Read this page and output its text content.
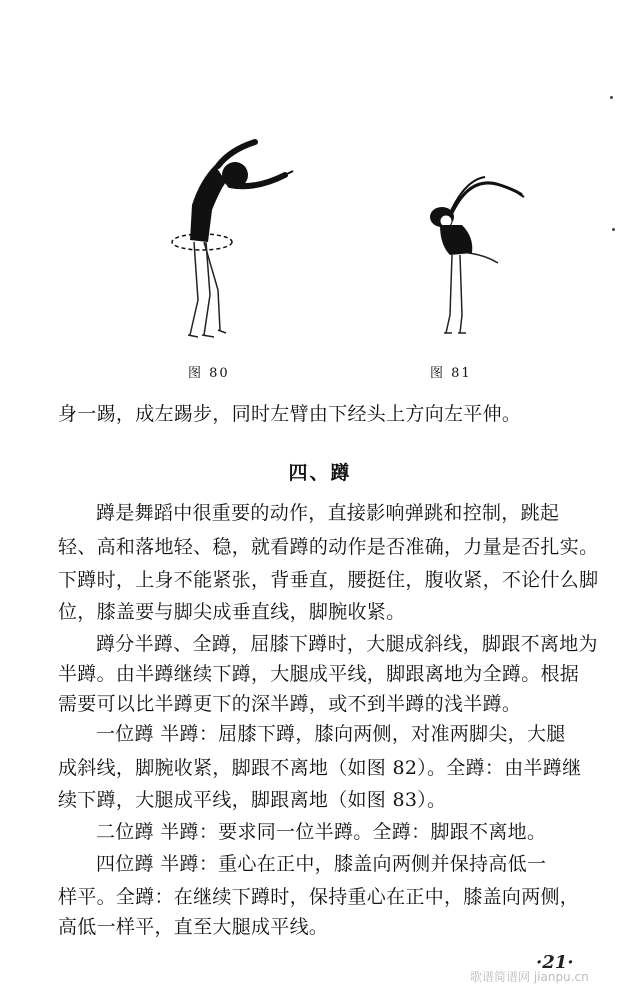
图 80	图 81
身一踢，成左踢步，同时左臂由下经头上方向左平伸。
四、蹲
蹲是舞蹈中很重要的动作，直接影响弹跳和控制，跳起
轻、高和落地轻、稳，就看蹲的动作是否准确，力量是否扎实。
下蹲时，上身不能紧张，背垂直，腰挺住，腹收紧，不论什么脚
位，膝盖要与脚尖成垂直线，脚腕收紧。
蹲分半蹲、全蹲，屈膝下蹲时，大腿成斜线，脚跟不离地为
半蹲。由半蹲继续下蹲，大腿成平线，脚跟离地为全蹲。根据
需要可以比半蹲更下的深半蹲，或不到半蹲的浅半蹲。
一位蹲 半蹲：屈膝下蹲，膝向两侧，对准两脚尖，大腿
成斜线，脚腕收紧，脚跟不离地（如图 82）。全蹲：由半蹲继
续下蹲，大腿成平线，脚跟离地（如图 83）。
二位蹲 半蹲：要求同一位半蹲。全蹲：脚跟不离地。
四位蹲 半蹲：重心在正中，膝盖向两侧并保持高低一
样平。全蹲：在继续下蹲时，保持重心在正中，膝盖向两侧，
高低一样平，直至大腿成平线。
·21·
歌谱简谱网 jianpu.cn
